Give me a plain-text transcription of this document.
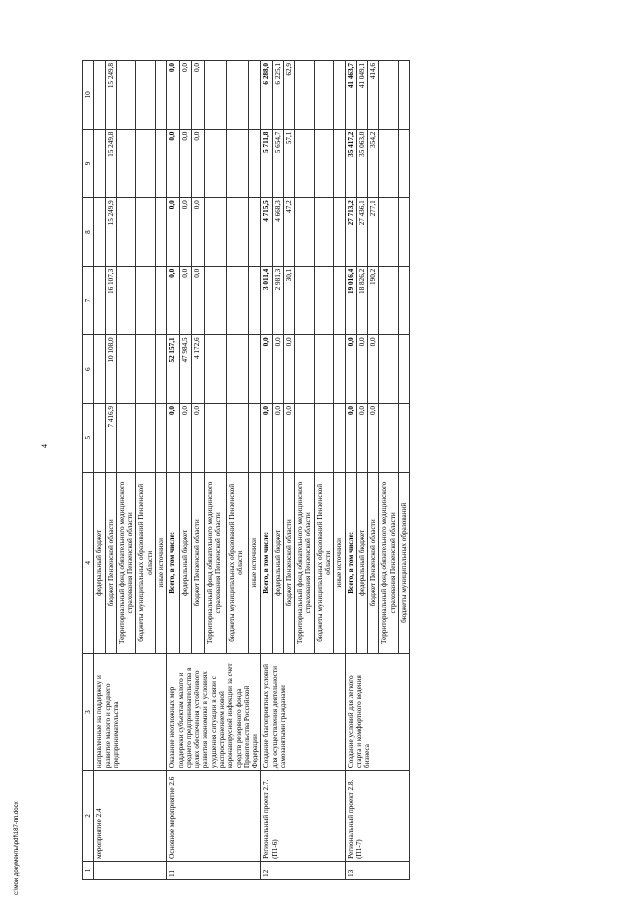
4
1	2	3	4	5	6	7	8	9	10
	мероприятие 2.4	направленные на поддержку и развитие малого и среднего предпринимательства	федеральный бюджет						
			бюджет Пензенской области	7 416,9	10 108,0	16 107,3	15 249,9	15 249,8	15 249,8
			Территориальный фонд обязательного медицинского страхования Пензенской области						
			бюджеты муниципальных образований Пензенской области						
			иные источники						
11	Основное мероприятие 2.6	Оказание неотложных мер поддержки субъектам малого и среднего предпринимательства в целях обеспечения устойчивого развития экономики в условиях ухудшения ситуации в связи с распространением новой коронавирусной инфекции за счет средств резервного фонда Правительства Российской Федерации	Всего, в том числе:	0,0	52 157,1	0,0	0,0	0,0	0,0
			федеральный бюджет	0,0	47 984,5	0,0	0,0	0,0	0,0
			бюджет Пензенской области	0,0	4 172,6	0,0	0,0	0,0	0,0
			Территориальный фонд обязательного медицинского страхования Пензенской области						
			бюджеты муниципальных образований Пензенской области						
			иные источники						
12	Региональный проект 2.7. (П1-6)	Создание благоприятных условий для осуществления деятельности самозанятыми гражданами	Всего, в том числе:	0,0	0,0	3 011,4	4 715,5	5 711,8	6 288,0
			федеральный бюджет	0,0	0,0	2 981,3	4 668,3	5 654,7	6 225,1
			бюджет Пензенской области	0,0	0,0	30,1	47,2	57,1	62,9
			Территориальный фонд обязательного медицинского страхования Пензенской области						
			бюджеты муниципальных образований Пензенской области						
			иные источники						
13	Региональный проект 2.8. (П1-7)	Создание условий для легкого старта и комфортного ведения бизнеса	Всего, в том числе:	0,0	0,0	19 016,4	27 713,2	35 417,2	41 463,7
			федеральный бюджет	0,0	0,0	18 826,2	27 436,1	35 063,0	41 049,1
			бюджет Пензенской области	0,0	0,0	190,2	277,1	354,2	414,6
			Территориальный фонд обязательного медицинского страхования Пензенской области						
			бюджеты муниципальных образований						
c:\мои документы\pdf\187-пп.docx
